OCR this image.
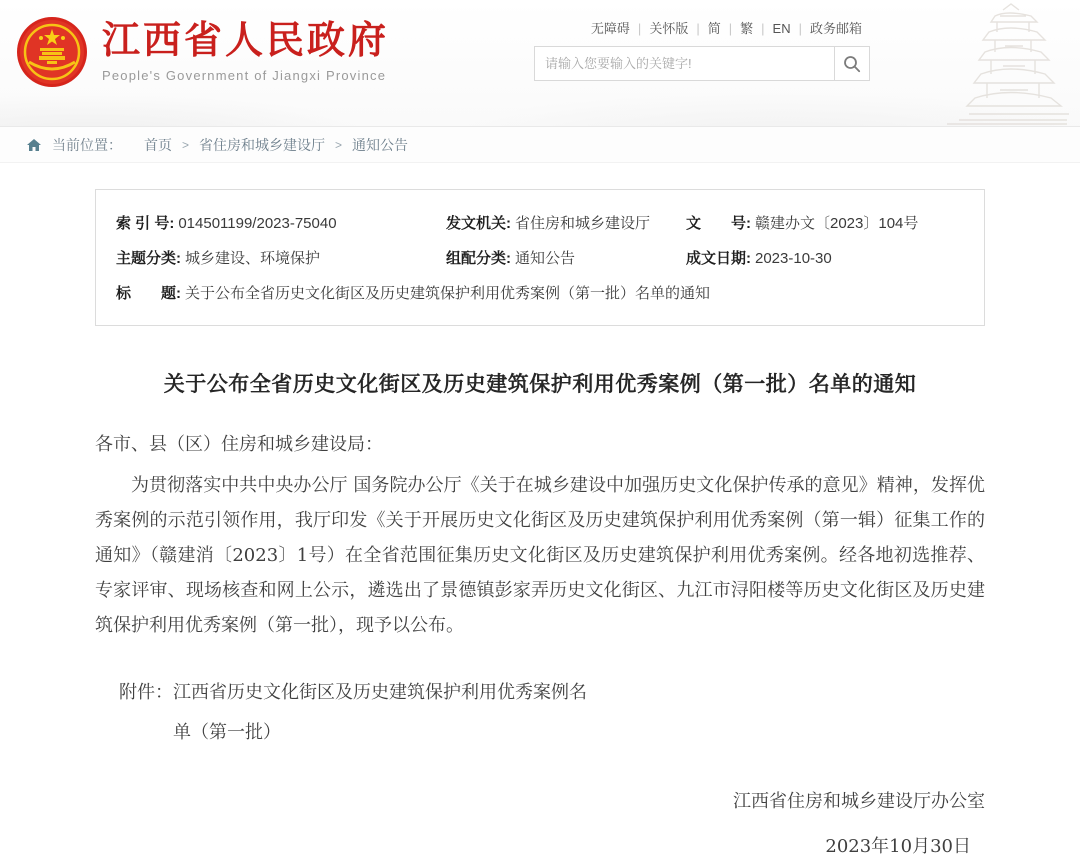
江西省人民政府
People's Government of Jiangxi Province
无障碍 | 关怀版 | 简 | 繁 | EN | 政务邮箱
请输入您要输入的关键字!
当前位置： 首页 > 省住房和城乡建设厅 > 通知公告
索 引 号: 014501199/2023-75040	发文机关: 省住房和城乡建设厅 文　　号: 赣建办文〔2023〕104号
主题分类: 城乡建设、环境保护	组配分类: 通知公告	成文日期: 2023-10-30
标　　题: 关于公布全省历史文化街区及历史建筑保护利用优秀案例（第一批）名单的通知
关于公布全省历史文化街区及历史建筑保护利用优秀案例（第一批）名单的通知
各市、县（区）住房和城乡建设局：

为贯彻落实中共中央办公厅 国务院办公厅《关于在城乡建设中加强历史文化保护传承的意见》精神，发挥优秀案例的示范引领作用，我厅印发《关于开展历史文化街区及历史建筑保护利用优秀案例（第一辑）征集工作的通知》（赣建消〔2023〕1号）在全省范围征集历史文化街区及历史建筑保护利用优秀案例。经各地初选推荐、专家评审、现场核查和网上公示，遴选出了景德镇彭家弄历史文化街区、九江市浔阳楼等历史文化街区及历史建筑保护利用优秀案例（第一批），现予以公布。

附件： 江西省历史文化街区及历史建筑保护利用优秀案例名
单（第一批）
江西省住房和城乡建设厅办公室
2023年10月30日
